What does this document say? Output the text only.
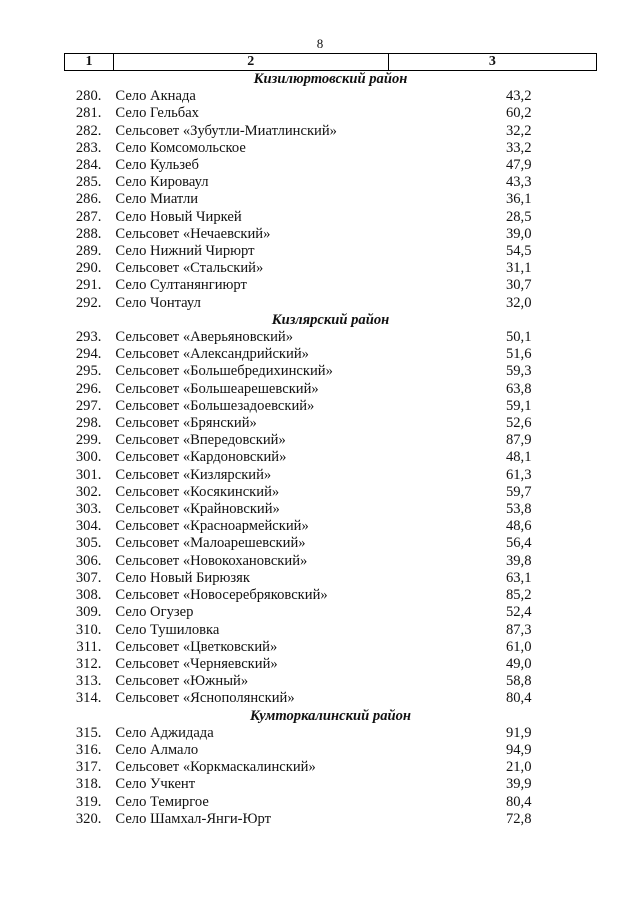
8
1	2	3
Кизилюртовский район		
280.	Село Акнада	43,2
281.	Село Гельбах	60,2
282.	Сельсовет «Зубутли-Миатлинский»	32,2
283.	Село Комсомольское	33,2
284.	Село Кульзеб	47,9
285.	Село Кироваул	43,3
286.	Село Миатли	36,1
287.	Село Новый Чиркей	28,5
288.	Сельсовет «Нечаевский»	39,0
289.	Село Нижний Чирюрт	54,5
290.	Сельсовет «Стальский»	31,1
291.	Село Султанянгиюрт	30,7
292.	Село Чонтаул	32,0
Кизлярский район		
293.	Сельсовет «Аверьяновский»	50,1
294.	Сельсовет «Александрийский»	51,6
295.	Сельсовет «Большебредихинский»	59,3
296.	Сельсовет «Большеарешевский»	63,8
297.	Сельсовет «Большезадоевский»	59,1
298.	Сельсовет «Брянский»	52,6
299.	Сельсовет «Впередовский»	87,9
300.	Сельсовет «Кардоновский»	48,1
301.	Сельсовет «Кизлярский»	61,3
302.	Сельсовет «Косякинский»	59,7
303.	Сельсовет «Крайновский»	53,8
304.	Сельсовет «Красноармейский»	48,6
305.	Сельсовет «Малоарешевский»	56,4
306.	Сельсовет «Новокохановский»	39,8
307.	Село Новый Бирюзяк	63,1
308.	Сельсовет «Новосеребряковский»	85,2
309.	Село Огузер	52,4
310.	Село Тушиловка	87,3
311.	Сельсовет «Цветковский»	61,0
312.	Сельсовет «Черняевский»	49,0
313.	Сельсовет «Южный»	58,8
314.	Сельсовет «Яснополянский»	80,4
Кумторкалинский район		
315.	Село Аджидада	91,9
316.	Село Алмало	94,9
317.	Сельсовет «Коркмаскалинский»	21,0
318.	Село Учкент	39,9
319.	Село Темиргое	80,4
320.	Село Шамхал-Янги-Юрт	72,8
